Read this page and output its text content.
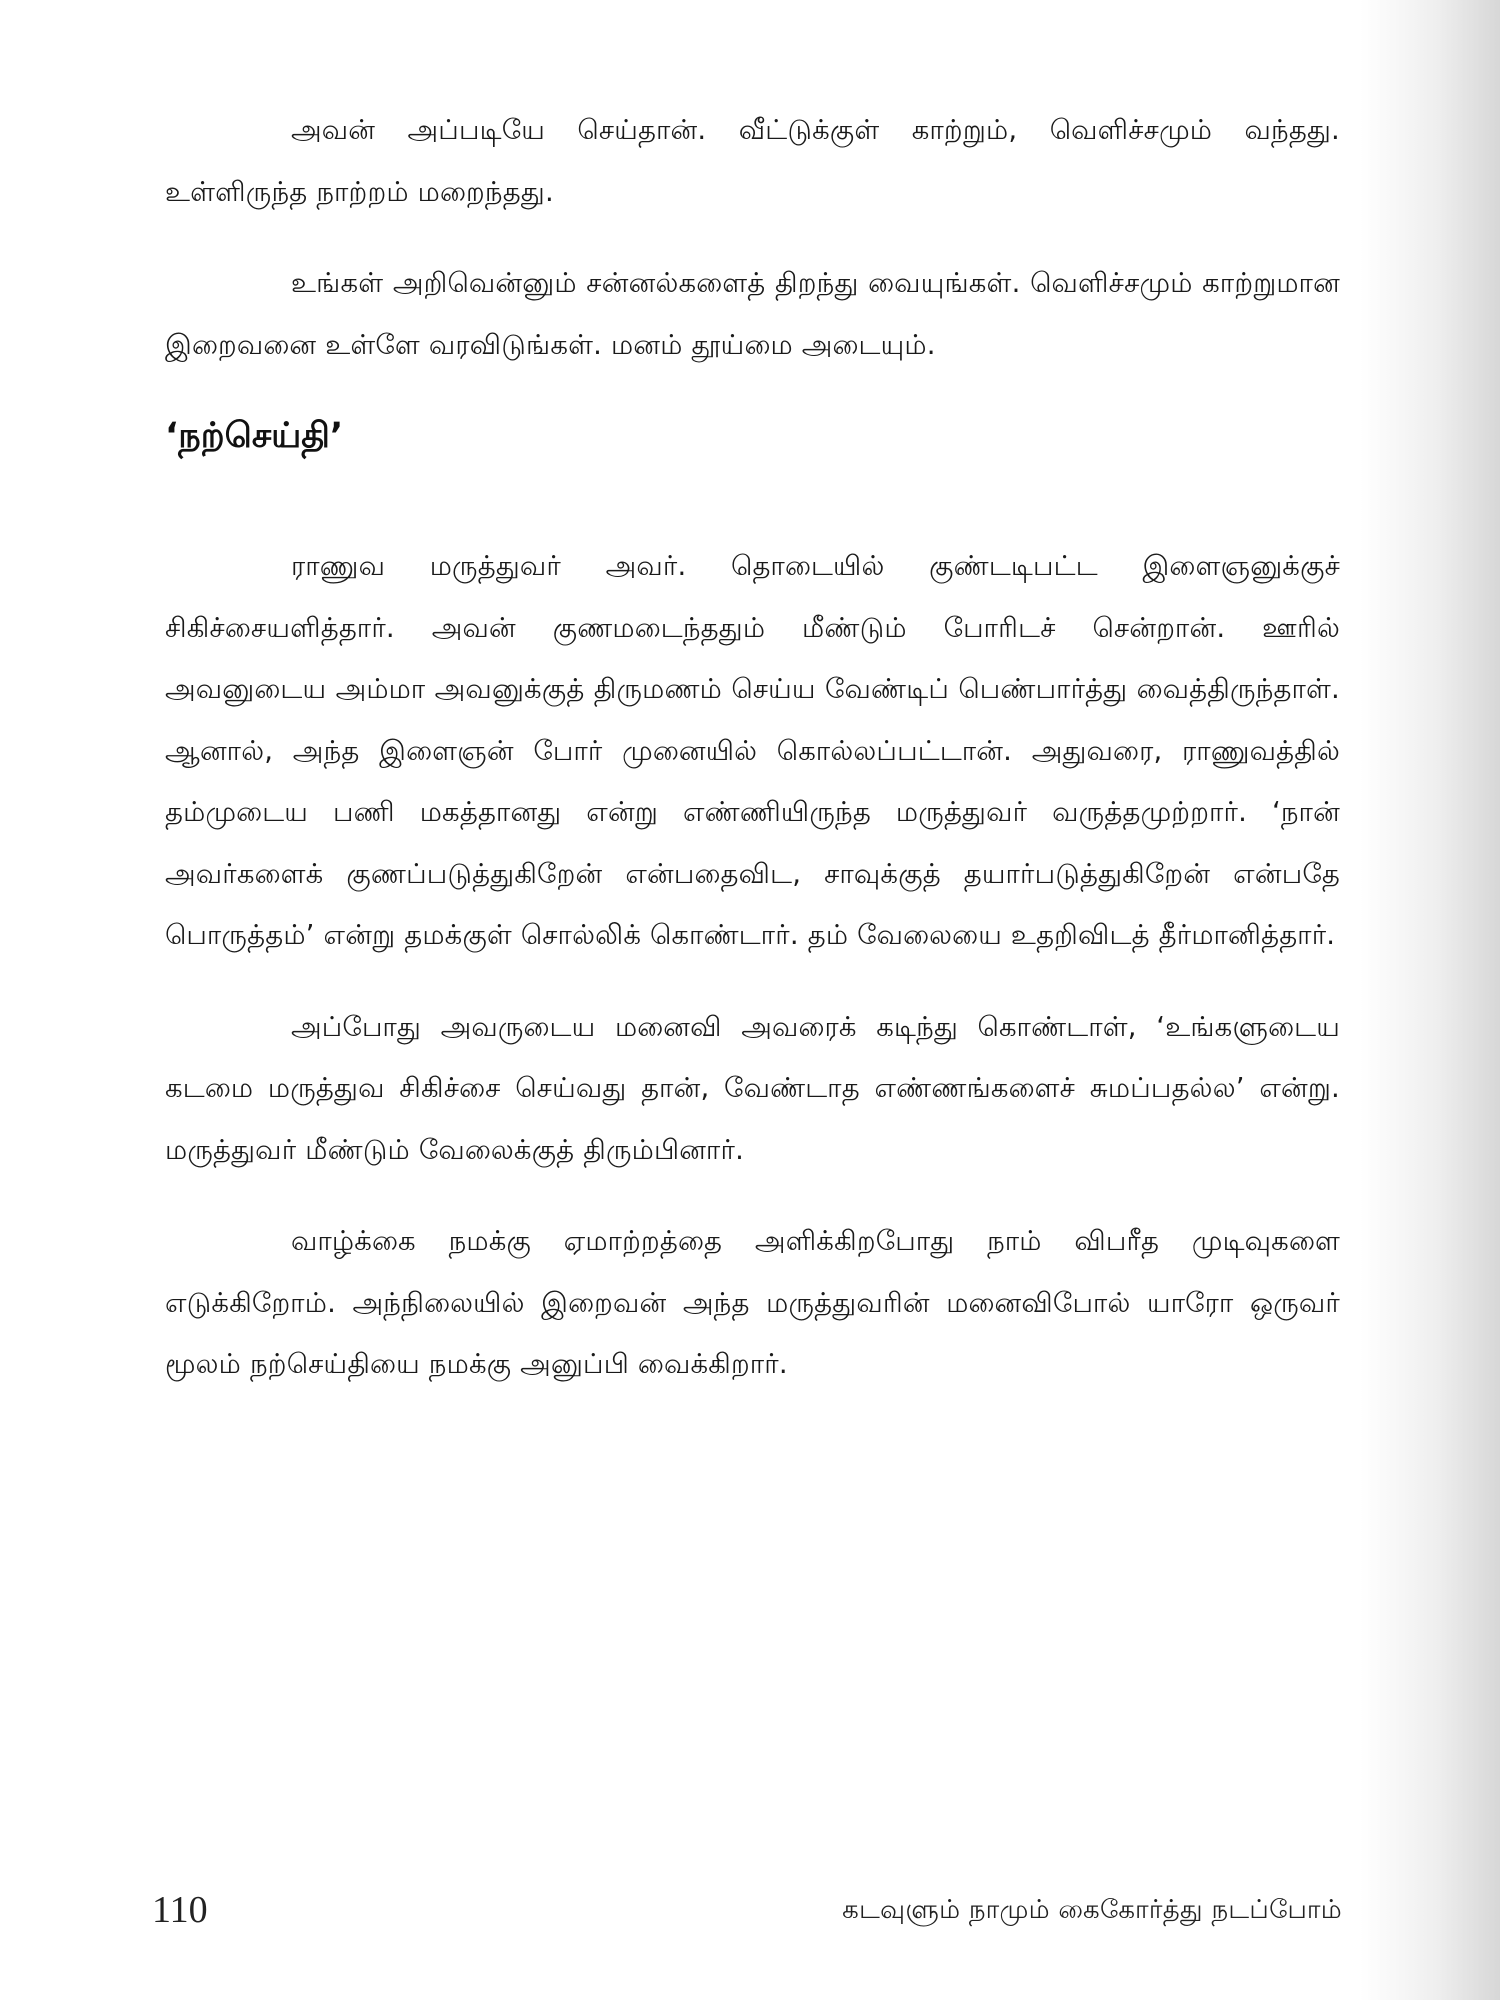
அவன் அப்படியே செய்தான். வீட்டுக்குள் காற்றும், வெளிச்சமும் வந்தது. உள்ளிருந்த நாற்றம் மறைந்தது.

உங்கள் அறிவென்னும் சன்னல்களைத் திறந்து வையுங்கள். வெளிச்சமும் காற்றுமான இறைவனை உள்ளே வரவிடுங்கள். மனம் தூய்மை அடையும்.

‘நற்செய்தி’

ராணுவ மருத்துவர் அவர். தொடையில் குண்டடிபட்ட இளைஞனுக்குச் சிகிச்சையளித்தார். அவன் குணமடைந்ததும் மீண்டும் போரிடச் சென்றான். ஊரில் அவனுடைய அம்மா அவனுக்குத் திருமணம் செய்ய வேண்டிப் பெண்பார்த்து வைத்திருந்தாள். ஆனால், அந்த இளைஞன் போர் முனையில் கொல்லப்பட்டான். அதுவரை, ராணுவத்தில் தம்முடைய பணி மகத்தானது என்று எண்ணியிருந்த மருத்துவர் வருத்தமுற்றார். ‘நான் அவர்களைக் குணப்படுத்துகிறேன் என்பதைவிட, சாவுக்குத் தயார்படுத்துகிறேன் என்பதே பொருத்தம்’ என்று தமக்குள் சொல்லிக் கொண்டார். தம் வேலையை உதறிவிடத் தீர்மானித்தார்.

அப்போது அவருடைய மனைவி அவரைக் கடிந்து கொண்டாள், ‘உங்களுடைய கடமை மருத்துவ சிகிச்சை செய்வது தான், வேண்டாத எண்ணங்களைச் சுமப்பதல்ல’ என்று. மருத்துவர் மீண்டும் வேலைக்குத் திரும்பினார்.

வாழ்க்கை நமக்கு ஏமாற்றத்தை அளிக்கிறபோது நாம் விபரீத முடிவுகளை எடுக்கிறோம். அந்நிலையில் இறைவன் அந்த மருத்துவரின் மனைவிபோல் யாரோ ஒருவர் மூலம் நற்செய்தியை நமக்கு அனுப்பி வைக்கிறார்.

110	கடவுளும் நாமும் கைகோர்த்து நடப்போம்
